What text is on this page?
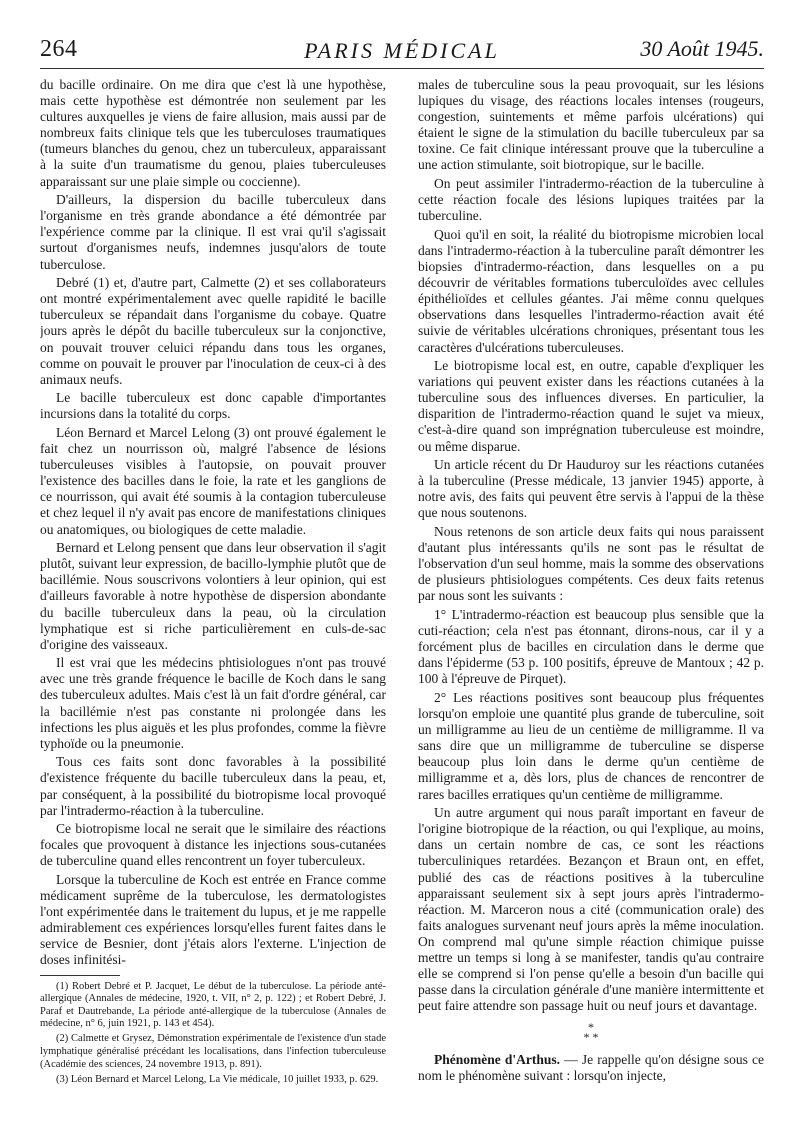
264	PARIS MÉDICAL	30 Août 1945.

du bacille ordinaire. On me dira que c'est là une hypothèse, mais cette hypothèse est démontrée non seulement par les cultures auxquelles je viens de faire allusion, mais aussi par de nombreux faits clinique tels que les tuberculoses traumatiques (tumeurs blanches du genou, chez un tuberculeux, apparaissant à la suite d'un traumatisme du genou, plaies tuberculeuses apparaissant sur une plaie simple ou coccienne).

D'ailleurs, la dispersion du bacille tuberculeux dans l'organisme en très grande abondance a été démontrée par l'expérience comme par la clinique. Il est vrai qu'il s'agissait surtout d'organismes neufs, indemnes jusqu'alors de toute tuberculose.

Debré (1) et, d'autre part, Calmette (2) et ses collaborateurs ont montré expérimentalement avec quelle rapidité le bacille tuberculeux se répandait dans l'organisme du cobaye. Quatre jours après le dépôt du bacille tuberculeux sur la conjonctive, on pouvait trouver celuici répandu dans tous les organes, comme on pouvait le prouver par l'inoculation de ceux-ci à des animaux neufs.

Le bacille tuberculeux est donc capable d'importantes incursions dans la totalité du corps.

Léon Bernard et Marcel Lelong (3) ont prouvé également le fait chez un nourrisson où, malgré l'absence de lésions tuberculeuses visibles à l'autopsie, on pouvait prouver l'existence des bacilles dans le foie, la rate et les ganglions de ce nourrisson, qui avait été soumis à la contagion tuberculeuse et chez lequel il n'y avait pas encore de manifestations cliniques ou anatomiques, ou biologiques de cette maladie.

Bernard et Lelong pensent que dans leur observation il s'agit plutôt, suivant leur expression, de bacillo-lymphie plutôt que de bacillémie. Nous souscrivons volontiers à leur opinion, qui est d'ailleurs favorable à notre hypothèse de dispersion abondante du bacille tuberculeux dans la peau, où la circulation lymphatique est si riche particulièrement en culs-de-sac d'origine des vaisseaux.

Il est vrai que les médecins phtisiologues n'ont pas trouvé avec une très grande fréquence le bacille de Koch dans le sang des tuberculeux adultes. Mais c'est là un fait d'ordre général, car la bacillémie n'est pas constante ni prolongée dans les infections les plus aiguës et les plus profondes, comme la fièvre typhoïde ou la pneumonie.

Tous ces faits sont donc favorables à la possibilité d'existence fréquente du bacille tuberculeux dans la peau, et, par conséquent, à la possibilité du biotropisme local provoqué par l'intradermo-réaction à la tuberculine.

Ce biotropisme local ne serait que le similaire des réactions focales que provoquent à distance les injections sous-cutanées de tuberculine quand elles rencontrent un foyer tuberculeux.

Lorsque la tuberculine de Koch est entrée en France comme médicament suprême de la tuberculose, les dermatologistes l'ont expérimentée dans le traitement du lupus, et je me rappelle admirablement ces expériences lorsqu'elles furent faites dans le service de Besnier, dont j'étais alors l'externe. L'injection de doses infinitési-

(1) Robert Debré et P. Jacquet, Le début de la tuberculose. La période anté-allergique (Annales de médecine, 1920, t. VII, n° 2, p. 122) ; et Robert Debré, J. Paraf et Dautrebande, La période anté-allergique de la tuberculose (Annales de médecine, n° 6, juin 1921, p. 143 et 454).

(2) Calmette et Grysez, Démonstration expérimentale de l'existence d'un stade lymphatique généralisé précédant les localisations, dans l'infection tuberculeuse (Académie des sciences, 24 novembre 1913, p. 891).

(3) Léon Bernard et Marcel Lelong, La Vie médicale, 10 juillet 1933, p. 629.

males de tuberculine sous la peau provoquait, sur les lésions lupiques du visage, des réactions locales intenses (rougeurs, congestion, suintements et même parfois ulcérations) qui étaient le signe de la stimulation du bacille tuberculeux par sa toxine. Ce fait clinique intéressant prouve que la tuberculine a une action stimulante, soit biotropique, sur le bacille.

On peut assimiler l'intradermo-réaction de la tuberculine à cette réaction focale des lésions lupiques traitées par la tuberculine.

Quoi qu'il en soit, la réalité du biotropisme microbien local dans l'intradermo-réaction à la tuberculine paraît démontrer les biopsies d'intradermo-réaction, dans lesquelles on a pu découvrir de véritables formations tuberculoïdes avec cellules épithélioïdes et cellules géantes. J'ai même connu quelques observations dans lesquelles l'intradermo-réaction avait été suivie de véritables ulcérations chroniques, présentant tous les caractères d'ulcérations tuberculeuses.

Le biotropisme local est, en outre, capable d'expliquer les variations qui peuvent exister dans les réactions cutanées à la tuberculine sous des influences diverses. En particulier, la disparition de l'intradermo-réaction quand le sujet va mieux, c'est-à-dire quand son imprégnation tuberculeuse est moindre, ou même disparue.

Un article récent du Dr Hauduroy sur les réactions cutanées à la tuberculine (Presse médicale, 13 janvier 1945) apporte, à notre avis, des faits qui peuvent être servis à l'appui de la thèse que nous soutenons.

Nous retenons de son article deux faits qui nous paraissent d'autant plus intéressants qu'ils ne sont pas le résultat de l'observation d'un seul homme, mais la somme des observations de plusieurs phtisiologues compétents. Ces deux faits retenus par nous sont les suivants :

1° L'intradermo-réaction est beaucoup plus sensible que la cuti-réaction; cela n'est pas étonnant, dirons-nous, car il y a forcément plus de bacilles en circulation dans le derme que dans l'épiderme (53 p. 100 positifs, épreuve de Mantoux ; 42 p. 100 à l'épreuve de Pirquet).

2° Les réactions positives sont beaucoup plus fréquentes lorsqu'on emploie une quantité plus grande de tuberculine, soit un milligramme au lieu de un centième de milligramme. Il va sans dire que un milligramme de tuberculine se disperse beaucoup plus loin dans le derme qu'un centième de milligramme et a, dès lors, plus de chances de rencontrer de rares bacilles erratiques qu'un centième de milligramme.

Un autre argument qui nous paraît important en faveur de l'origine biotropique de la réaction, ou qui l'explique, au moins, dans un certain nombre de cas, ce sont les réactions tuberculiniques retardées. Bezançon et Braun ont, en effet, publié des cas de réactions positives à la tuberculine apparaissant seulement six à sept jours après l'intradermo-réaction. M. Marceron nous a cité (communication orale) des faits analogues survenant neuf jours après la même inoculation. On comprend mal qu'une simple réaction chimique puisse mettre un temps si long à se manifester, tandis qu'au contraire elle se comprend si l'on pense qu'elle a besoin d'un bacille qui passe dans la circulation générale d'une manière intermittente et peut faire attendre son passage huit ou neuf jours et davantage.

*
* *

Phénomène d'Arthus. — Je rappelle qu'on désigne sous ce nom le phénomène suivant : lorsqu'on injecte,
